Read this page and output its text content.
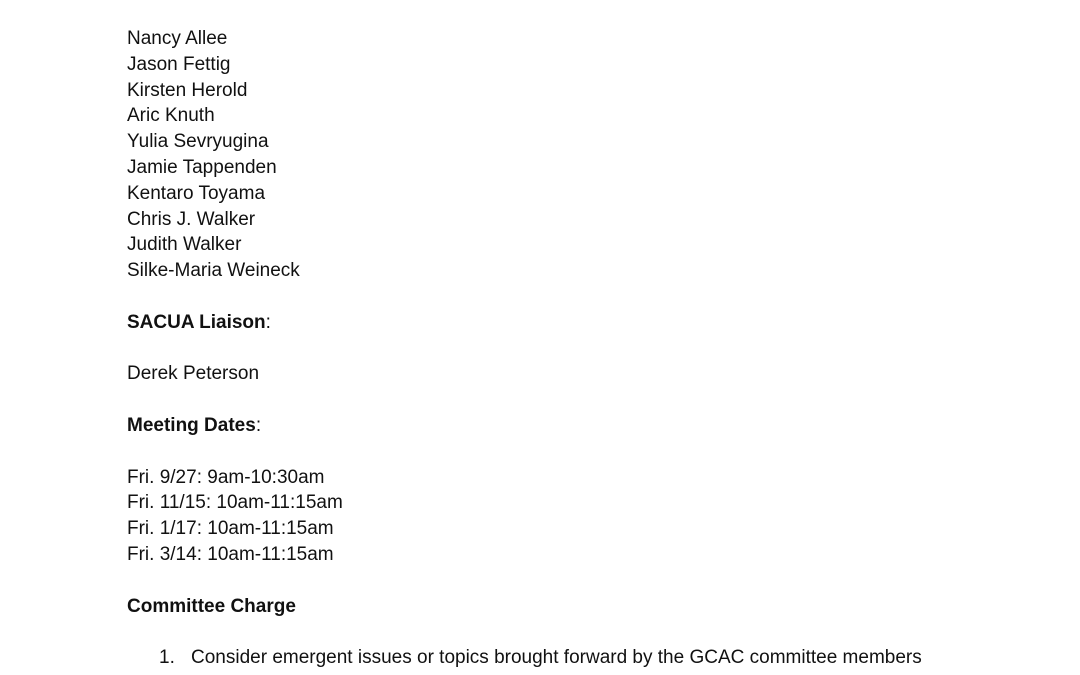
Nancy Allee
Jason Fettig
Kirsten Herold
Aric Knuth
Yulia Sevryugina
Jamie Tappenden
Kentaro Toyama
Chris J. Walker
Judith Walker
Silke-Maria Weineck
SACUA Liaison:
Derek Peterson
Meeting Dates:
Fri. 9/27: 9am-10:30am
Fri. 11/15: 10am-11:15am
Fri. 1/17: 10am-11:15am
Fri. 3/14: 10am-11:15am
Committee Charge
1. Consider emergent issues or topics brought forward by the GCAC committee members
